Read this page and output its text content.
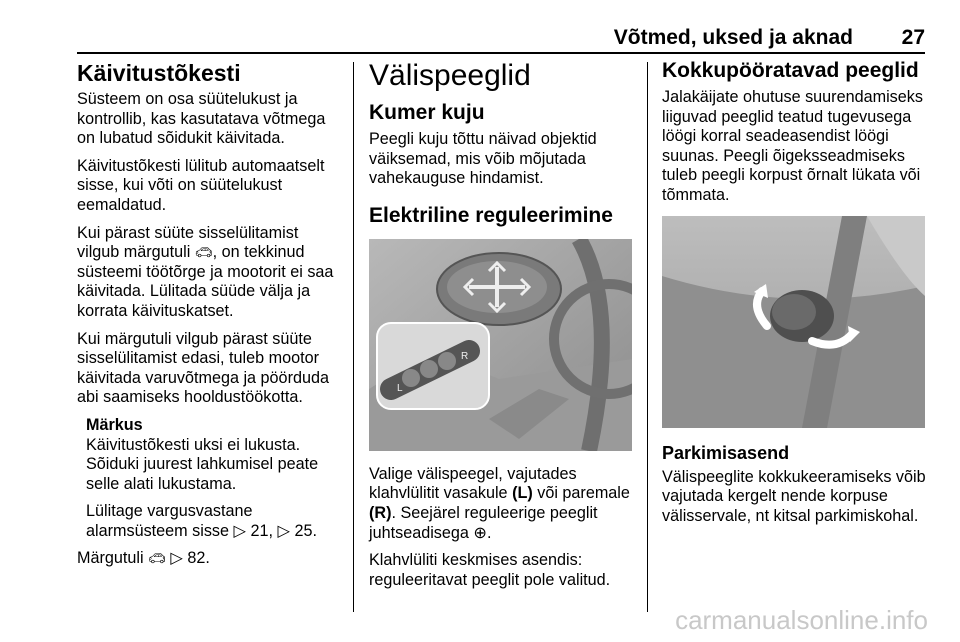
Võtmed, uksed ja aknad 27
Käivitustõkesti

Süsteem on osa süütelukust ja kontrollib, kas kasutatava võtmega on lubatud sõidukit käivitada.

Käivitustõkesti lülitub automaatselt sisse, kui võti on süütelukust eemaldatud.

Kui pärast süüte sisselülitamist vilgub märgutuli 🚗︎, on tekkinud süsteemi töötõrge ja mootorit ei saa käivitada. Lülitada süüde välja ja korrata käivituskatset.

Kui märgutuli vilgub pärast süüte sisselülitamist edasi, tuleb mootor käivitada varuvõtmega ja pöörduda abi saamiseks hooldustöökotta.

Märkus

Käivitustõkesti uksi ei lukusta. Sõiduki juurest lahkumisel peate selle alati lukustama.

Lülitage vargusvastane alarmsüsteem sisse ▷ 21, ▷ 25.

Märgutuli 🚗︎ ▷ 82.

Välispeeglid
Kumer kuju

Peegli kuju tõttu näivad objektid väiksemad, mis võib mõjutada vahekauguse hindamist.

Elektriline reguleerimine
L
R

Valige välispeegel, vajutades klahvlülitit vasakule (L) või paremale (R). Seejärel reguleerige peeglit juhtseadisega ⊕.

Klahvlüliti keskmises asendis: reguleeritavat peeglit pole valitud.

Kokkupööratavad peeglid

Jalakäijate ohutuse suurendamiseks liiguvad peeglid teatud tugevusega löögi korral seadeasendist löögi suunas. Peegli õigeksseadmiseks tuleb peegli korpust õrnalt lükata või tõmmata.

Parkimisasend

Välispeeglite kokkukeeramiseks võib vajutada kergelt nende korpuse välisservale, nt kitsal parkimiskohal.

carmanualsonline.info
